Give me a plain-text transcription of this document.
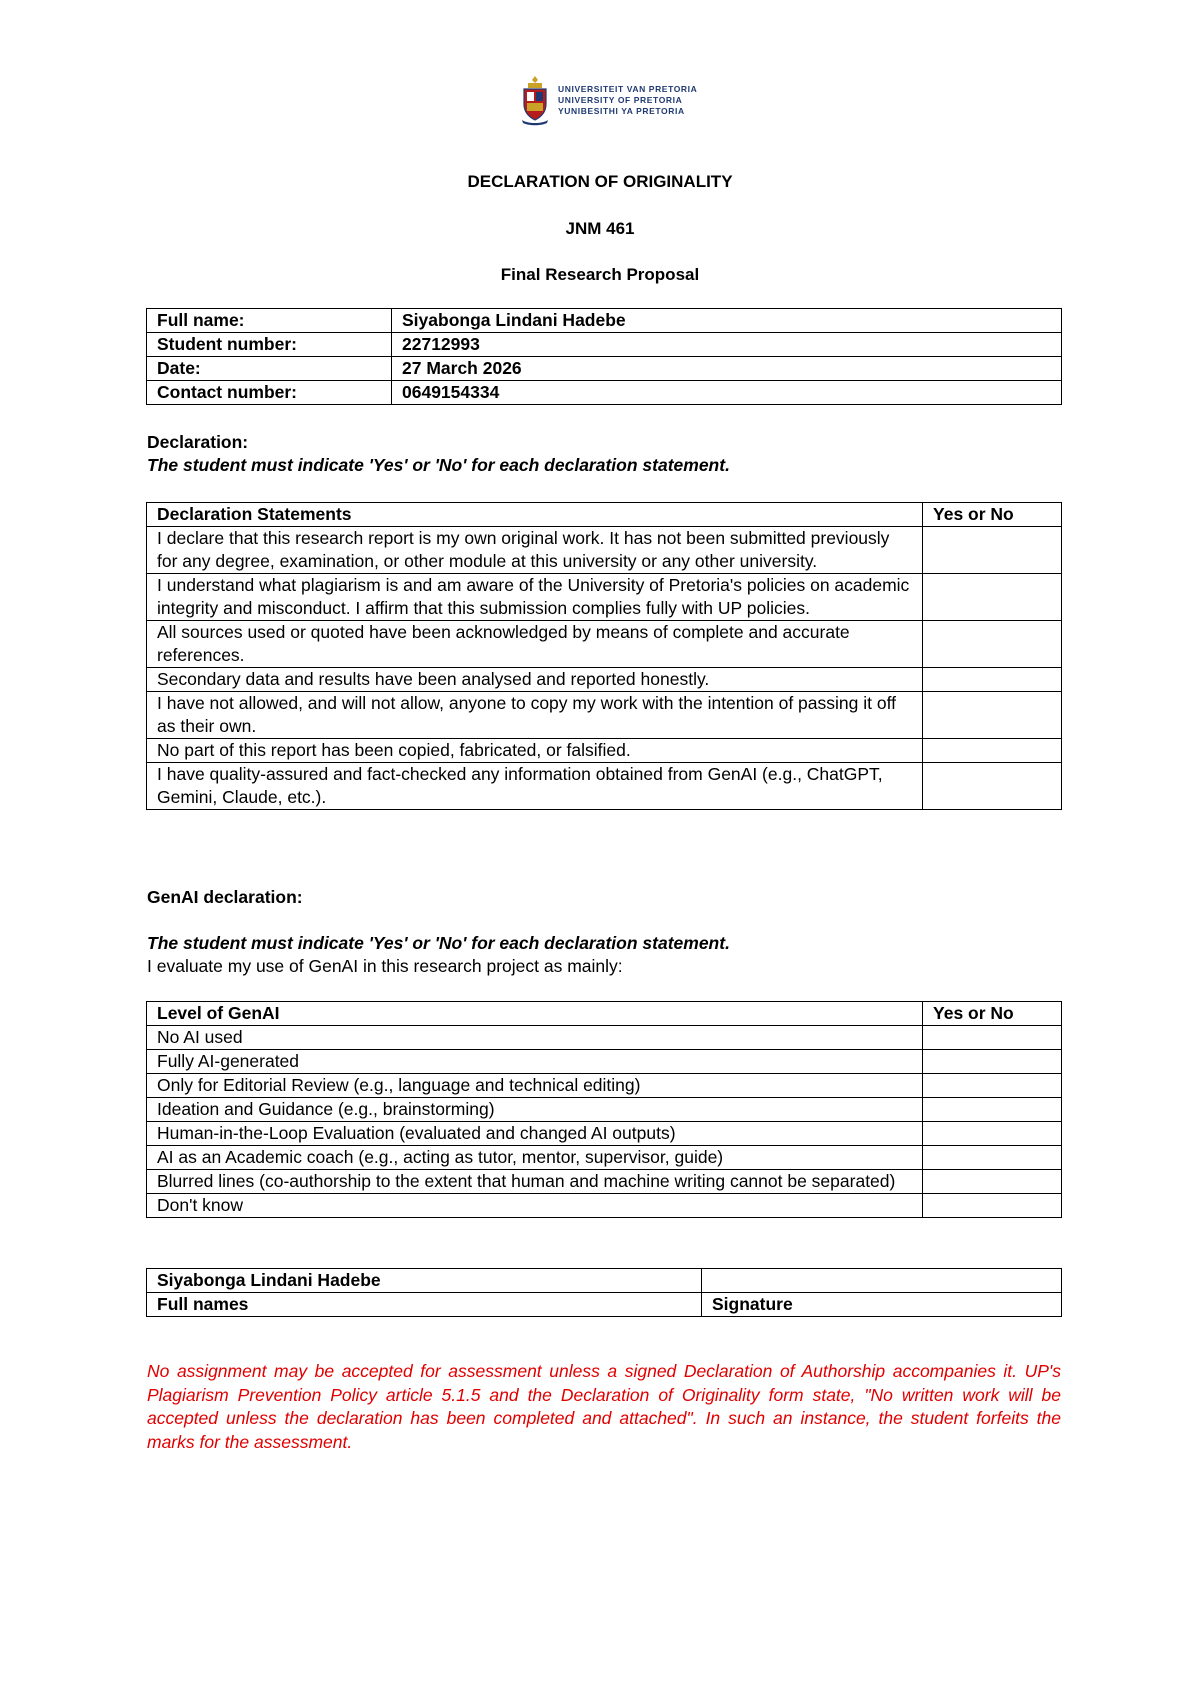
UNIVERSITEIT VAN PRETORIA
UNIVERSITY OF PRETORIA
YUNIBESITHI YA PRETORIA
DECLARATION OF ORIGINALITY
JNM 461
Final Research Proposal
Full name:	Siyabonga Lindani Hadebe
Student number:	22712993
Date:	27 March 2026
Contact number:	0649154334
Declaration:
The student must indicate 'Yes' or 'No' for each declaration statement.
Declaration Statements	Yes or No
I declare that this research report is my own original work. It has not been submitted previously for any degree, examination, or other module at this university or any other university.	
I understand what plagiarism is and am aware of the University of Pretoria's policies on academic integrity and misconduct. I affirm that this submission complies fully with UP policies.	
All sources used or quoted have been acknowledged by means of complete and accurate references.	
Secondary data and results have been analysed and reported honestly.	
I have not allowed, and will not allow, anyone to copy my work with the intention of passing it off as their own.	
No part of this report has been copied, fabricated, or falsified.	
I have quality-assured and fact-checked any information obtained from GenAI (e.g., ChatGPT, Gemini, Claude, etc.).	
GenAI declaration:
The student must indicate 'Yes' or 'No' for each declaration statement.
I evaluate my use of GenAI in this research project as mainly:
Level of GenAI	Yes or No
No AI used	
Fully AI-generated	
Only for Editorial Review (e.g., language and technical editing)	
Ideation and Guidance (e.g., brainstorming)	
Human-in-the-Loop Evaluation (evaluated and changed AI outputs)	
AI as an Academic coach (e.g., acting as tutor, mentor, supervisor, guide)	
Blurred lines (co-authorship to the extent that human and machine writing cannot be separated)	
Don't know	
Siyabonga Lindani Hadebe	
Full names	Signature
No assignment may be accepted for assessment unless a signed Declaration of Authorship accompanies it. UP's Plagiarism Prevention Policy article 5.1.5 and the Declaration of Originality form state, "No written work will be accepted unless the declaration has been completed and attached". In such an instance, the student forfeits the marks for the assessment.
